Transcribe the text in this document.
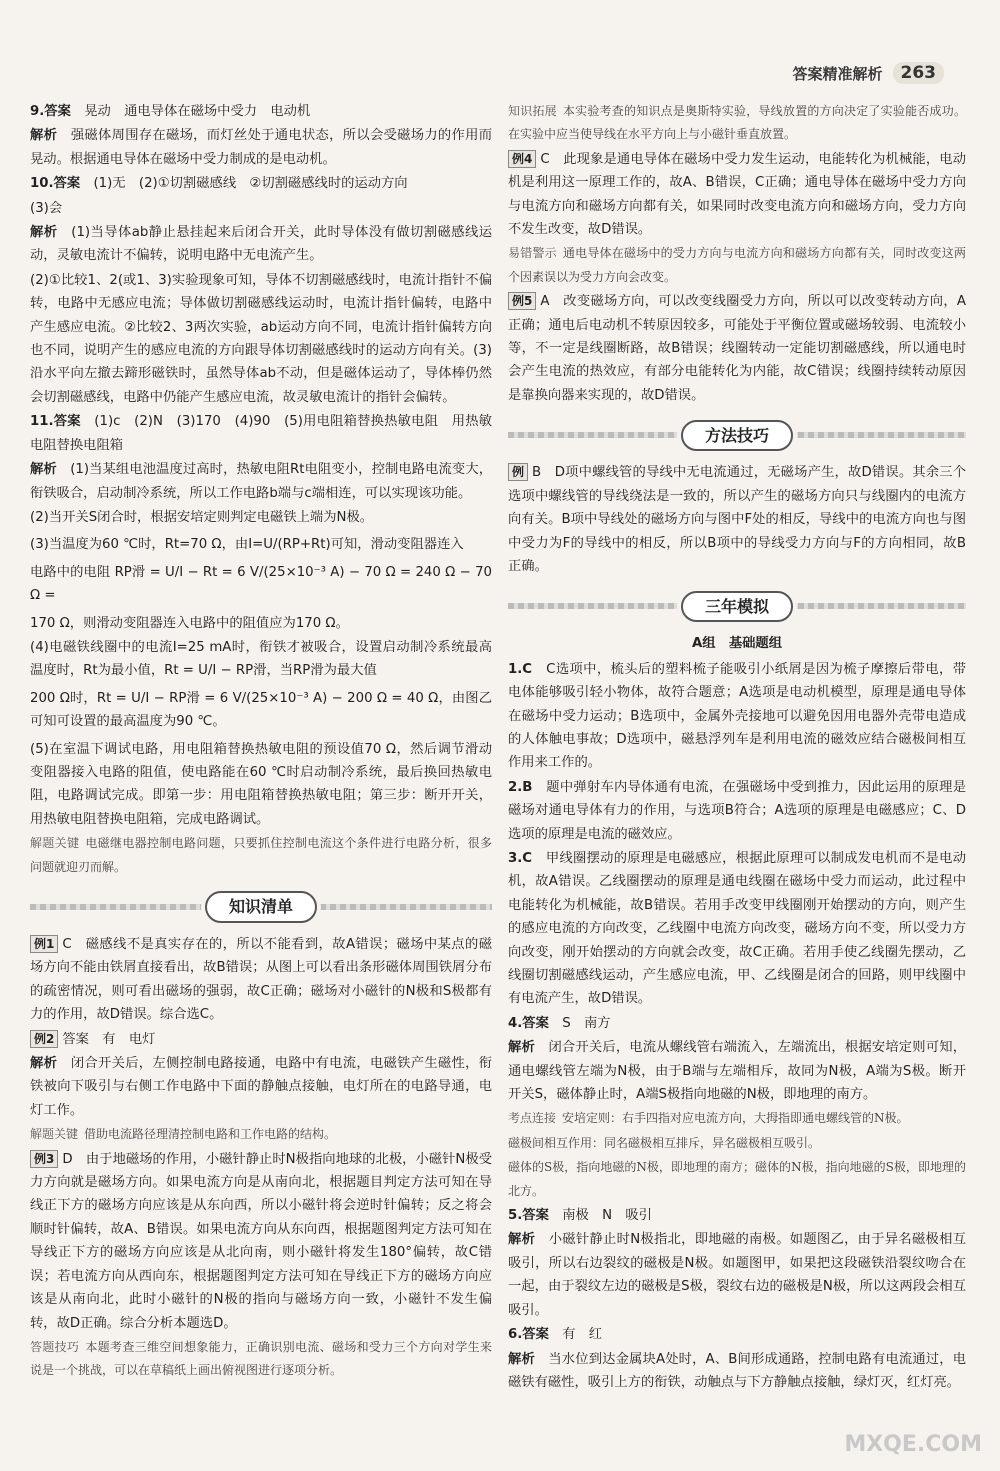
答案精准解析	263
9.答案　 晃动　通电导体在磁场中受力　电动机
解析　 强磁体周围存在磁场，而灯丝处于通电状态，所以会受磁场力的作用而晃动。根据通电导体在磁场中受力制成的是电动机。
10.答案　 (1)无　(2)①切割磁感线　②切割磁感线时的运动方向
(3)会
解析　 (1)当导体ab静止悬挂起来后闭合开关，此时导体没有做切割磁感线运动，灵敏电流计不偏转，说明电路中无电流产生。
(2)①比较1、2(或1、3)实验现象可知，导体不切割磁感线时，电流计指针不偏转，电路中无感应电流；导体做切割磁感线运动时，电流计指针偏转，电路中产生感应电流。②比较2、3两次实验，ab运动方向不同，电流计指针偏转方向也不同，说明产生的感应电流的方向跟导体切割磁感线时的运动方向有关。(3)沿水平向左撤去蹄形磁铁时，虽然导体ab不动，但是磁体运动了，导体棒仍然会切割磁感线，电路中仍能产生感应电流，故灵敏电流计的指针会偏转。
11.答案　 (1)c　(2)N　(3)170　(4)90　(5)用电阻箱替换热敏电阻　用热敏电阻替换电阻箱
解析　 (1)当某组电池温度过高时，热敏电阻Rt电阻变小，控制电路电流变大，衔铁吸合，启动制冷系统，所以工作电路b端与c端相连，可以实现该功能。
(2)当开关S闭合时，根据安培定则判定电磁铁上端为N极。
(3)当温度为60 ℃时，Rt=70 Ω，由I=U/(RP+Rt)可知，滑动变阻器连入
电路中的电阻 RP滑 = U/I − Rt = 6 V/(25×10⁻³ A) − 70 Ω = 240 Ω − 70 Ω =
170 Ω，则滑动变阻器连入电路中的阻值应为170 Ω。
(4)电磁铁线圈中的电流I=25 mA时，衔铁才被吸合，设置启动制冷系统最高温度时，Rt为最小值，Rt = U/I − RP滑，当RP滑为最大值
200 Ω时，Rt = U/I − RP滑 = 6 V/(25×10⁻³ A) − 200 Ω = 40 Ω，由图乙可知可设置的最高温度为90 ℃。
(5)在室温下调试电路，用电阻箱替换热敏电阻的预设值70 Ω，然后调节滑动变阻器接入电路的阻值，使电路能在60 ℃时启动制冷系统，最后换回热敏电阻，电路调试完成。即第一步：用电阻箱替换热敏电阻；第三步：断开开关，用热敏电阻替换电阻箱，完成电路调试。
解题关键 电磁继电器控制电路问题，只要抓住控制电流这个条件进行电路分析，很多问题就迎刃而解。
知识清单
例1 C　磁感线不是真实存在的，所以不能看到，故A错误；磁场中某点的磁场方向不能由铁屑直接看出，故B错误；从图上可以看出条形磁体周围铁屑分布的疏密情况，则可看出磁场的强弱，故C正确；磁场对小磁针的N极和S极都有力的作用，故D错误。综合选C。
例2 答案　有　电灯
解析　 闭合开关后，左侧控制电路接通，电路中有电流，电磁铁产生磁性，衔铁被向下吸引与右侧工作电路中下面的静触点接触，电灯所在的电路导通，电灯工作。
解题关键 借助电流路径理清控制电路和工作电路的结构。
例3 D　由于地磁场的作用，小磁针静止时N极指向地球的北极，小磁针N极受力方向就是磁场方向。如果电流方向是从南向北，根据题目判定方法可知在导线正下方的磁场方向应该是从东向西，所以小磁针将会逆时针偏转；反之将会顺时针偏转，故A、B错误。如果电流方向从东向西，根据题图判定方法可知在导线正下方的磁场方向应该是从北向南，则小磁针将发生180°偏转，故C错误；若电流方向从西向东，根据题图判定方法可知在导线正下方的磁场方向应该是从南向北，此时小磁针的N极的指向与磁场方向一致，小磁针不发生偏转，故D正确。综合分析本题选D。
答题技巧 本题考查三维空间想象能力，正确识别电流、磁场和受力三个方向对学生来说是一个挑战，可以在草稿纸上画出俯视图进行逐项分析。
知识拓展 本实验考查的知识点是奥斯特实验，导线放置的方向决定了实验能否成功。在实验中应当使导线在水平方向上与小磁针垂直放置。
例4 C　此现象是通电导体在磁场中受力发生运动，电能转化为机械能，电动机是利用这一原理工作的，故A、B错误，C正确；通电导体在磁场中受力方向与电流方向和磁场方向都有关，如果同时改变电流方向和磁场方向，受力方向不发生改变，故D错误。
易错警示 通电导体在磁场中的受力方向与电流方向和磁场方向都有关，同时改变这两个因素误以为受力方向会改变。
例5 A　改变磁场方向，可以改变线圈受力方向，所以可以改变转动方向，A正确；通电后电动机不转原因较多，可能处于平衡位置或磁场较弱、电流较小等，不一定是线圈断路，故B错误；线圈转动一定能切割磁感线，所以通电时会产生电流的热效应，有部分电能转化为内能，故C错误；线圈持续转动原因是靠换向器来实现的，故D错误。
方法技巧
例 B　D项中螺线管的导线中无电流通过，无磁场产生，故D错误。其余三个选项中螺线管的导线绕法是一致的，所以产生的磁场方向只与线圈内的电流方向有关。B项中导线处的磁场方向与图中F处的相反，导线中的电流方向也与图中受力为F的导线中的相反，所以B项中的导线受力方向与F的方向相同，故B正确。
三年模拟
A组　基础题组
1.C　 C选项中，梳头后的塑料梳子能吸引小纸屑是因为梳子摩擦后带电，带电体能够吸引轻小物体，故符合题意；A选项是电动机模型，原理是通电导体在磁场中受力运动；B选项中，金属外壳接地可以避免因用电器外壳带电造成的人体触电事故；D选项中，磁悬浮列车是利用电流的磁效应结合磁极间相互作用来工作的。
2.B　 题中弹射车内导体通有电流，在强磁场中受到推力，因此运用的原理是磁场对通电导体有力的作用，与选项B符合；A选项的原理是电磁感应；C、D选项的原理是电流的磁效应。
3.C　 甲线圈摆动的原理是电磁感应，根据此原理可以制成发电机而不是电动机，故A错误。乙线圈摆动的原理是通电线圈在磁场中受力而运动，此过程中电能转化为机械能，故B错误。若用手改变甲线圈刚开始摆动的方向，则产生的感应电流的方向改变，乙线圈中电流方向改变，磁场方向不变，所以受力方向改变，刚开始摆动的方向就会改变，故C正确。若用手使乙线圈先摆动，乙线圈切割磁感线运动，产生感应电流，甲、乙线圈是闭合的回路，则甲线圈中有电流产生，故D错误。
4.答案　 S　南方
解析　 闭合开关后，电流从螺线管右端流入，左端流出，根据安培定则可知，通电螺线管左端为N极，由于B端与左端相斥，故同为N极，A端为S极。断开开关S，磁体静止时，A端S极指向地磁的N极，即地理的南方。
考点连接 安培定则：右手四指对应电流方向，大拇指即通电螺线管的N极。
磁极间相互作用：同名磁极相互排斥，异名磁极相互吸引。
磁体的S极，指向地磁的N极，即地理的南方；磁体的N极，指向地磁的S极，即地理的北方。
5.答案　 南极　N　吸引
解析　 小磁针静止时N极指北，即地磁的南极。如题图乙，由于异名磁极相互吸引，所以右边裂纹的磁极是N极。如题图甲，如果把这段磁铁沿裂纹吻合在一起，由于裂纹左边的磁极是S极，裂纹右边的磁极是N极，所以这两段会相互吸引。
6.答案　 有　红
解析　 当水位到达金属块A处时，A、B间形成通路，控制电路有电流通过，电磁铁有磁性，吸引上方的衔铁，动触点与下方静触点接触，绿灯灭，红灯亮。
MXQE.COM
